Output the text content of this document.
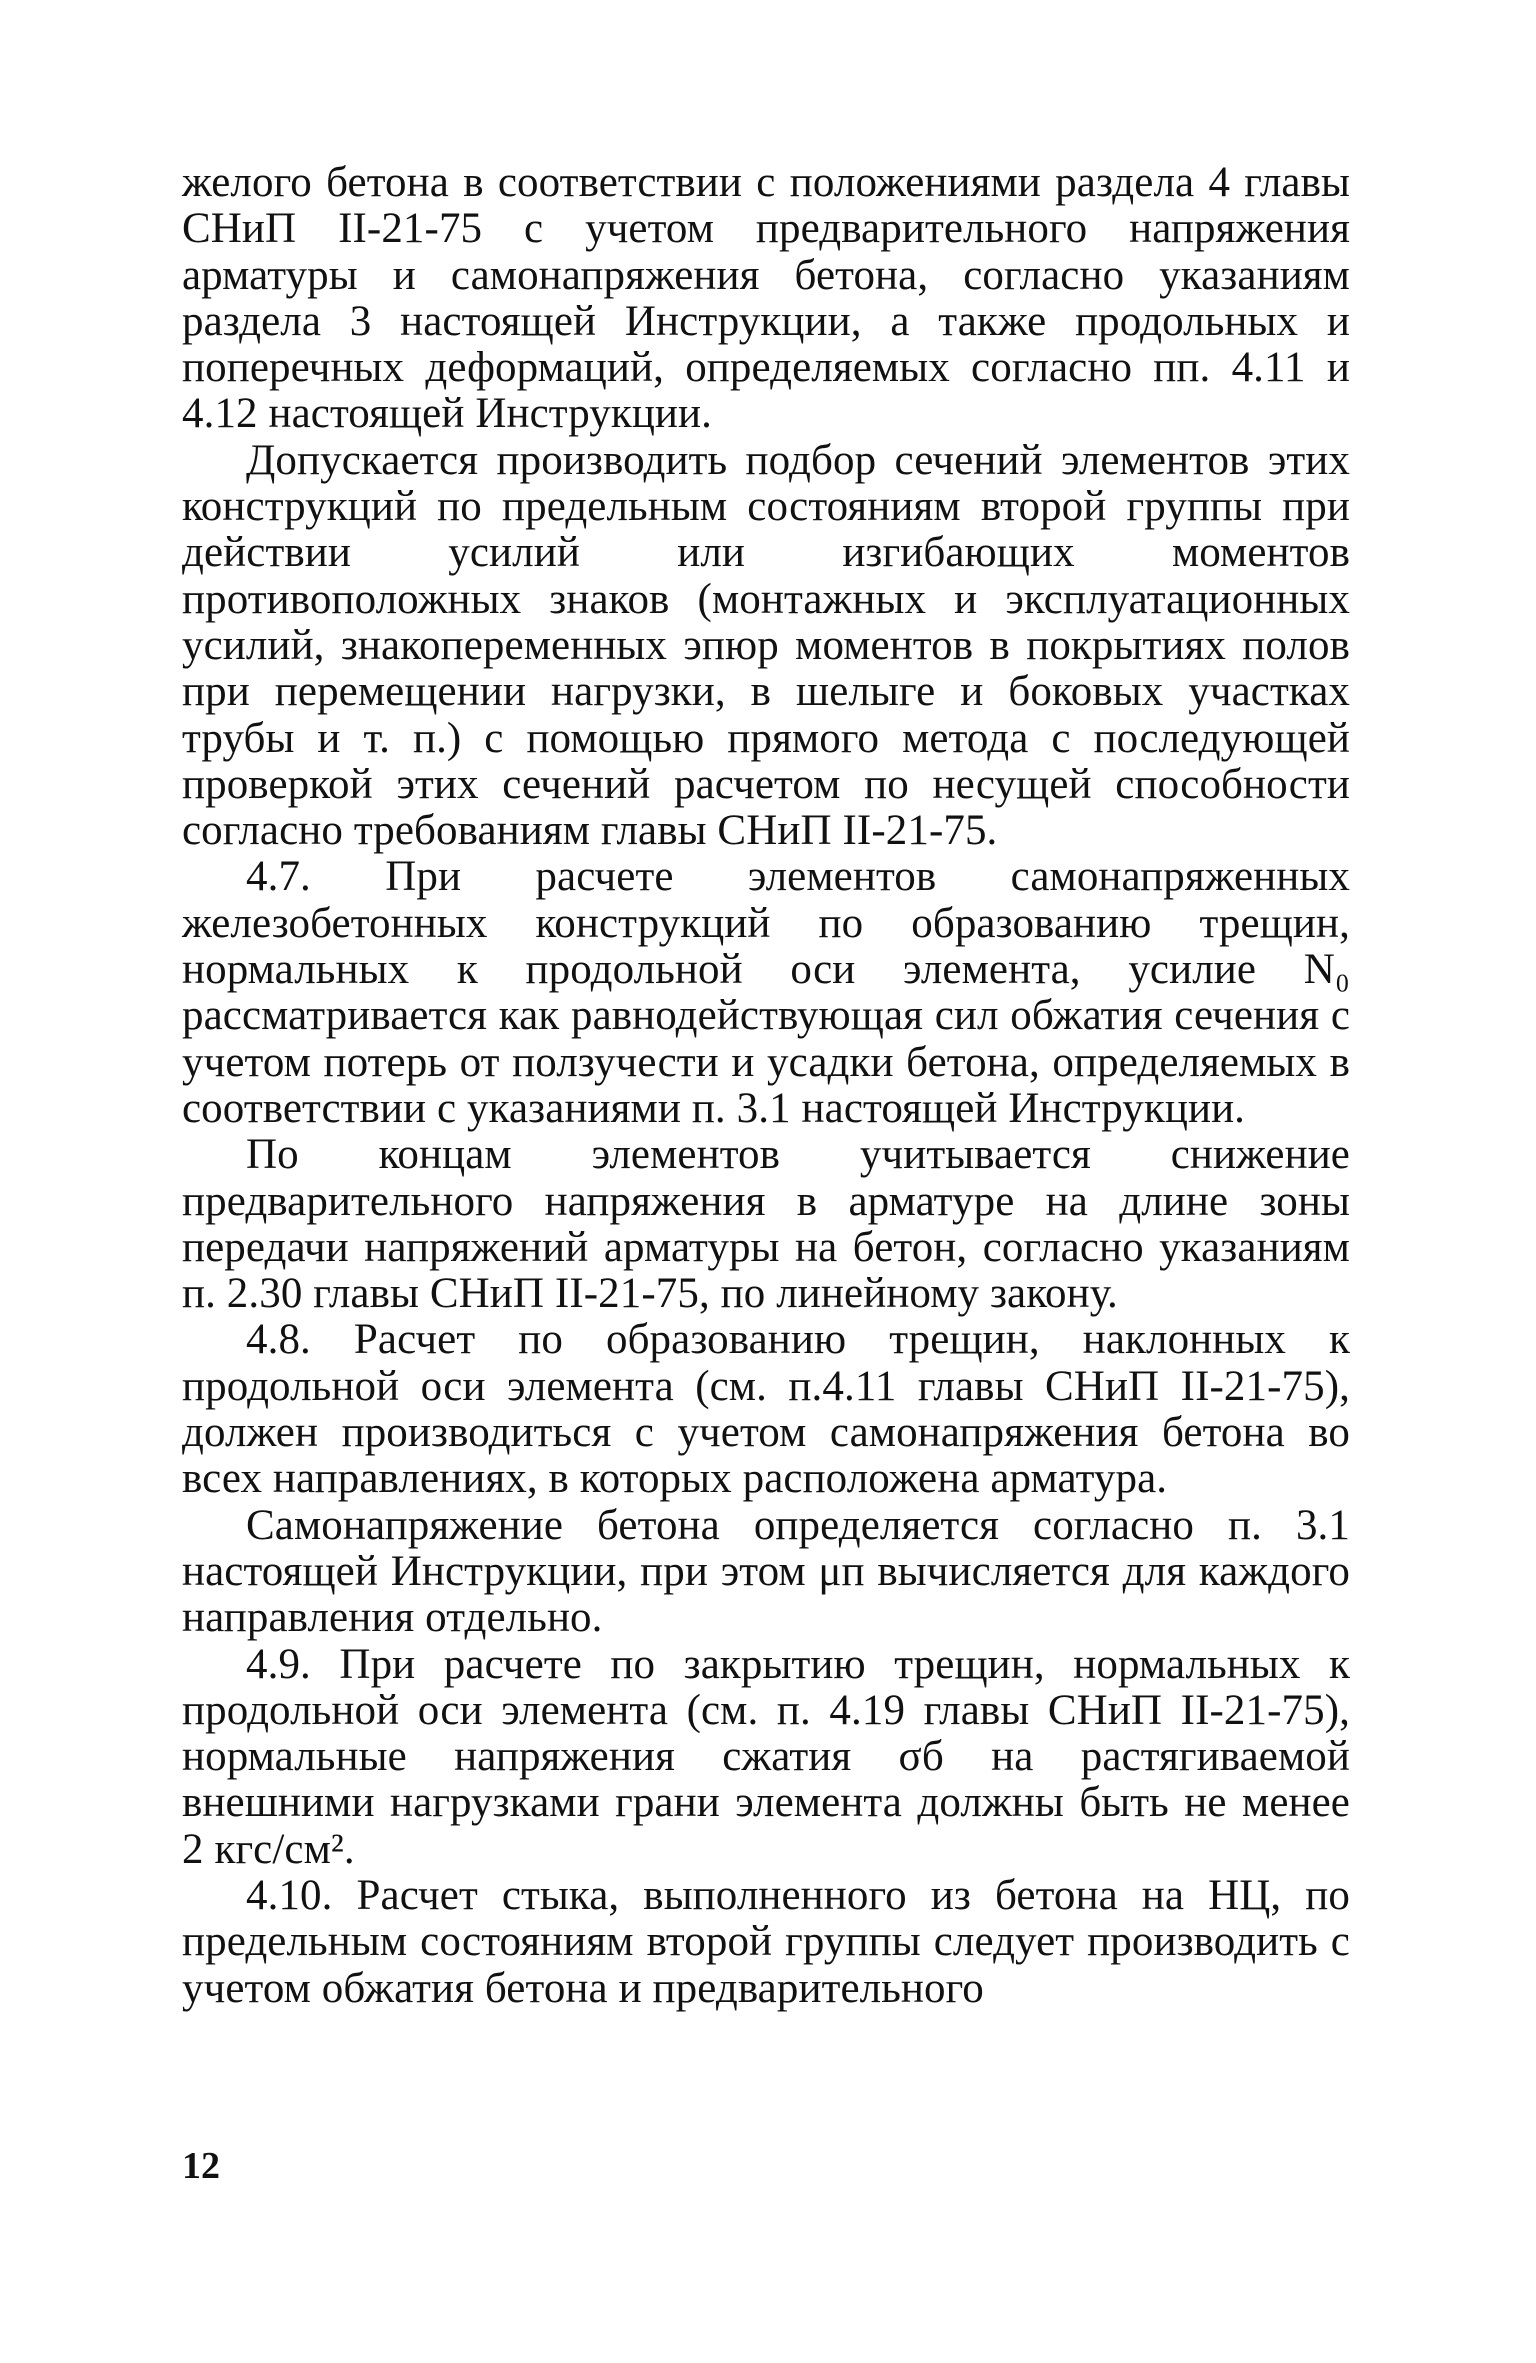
желого бетона в соответствии с положениями раздела 4 главы СНиП II-21-75 с учетом предварительного напряжения арматуры и самонапряжения бетона, согласно указаниям раздела 3 настоящей Инструкции, а также продольных и поперечных деформаций, определяемых согласно пп. 4.11 и 4.12 настоящей Инструкции.

Допускается производить подбор сечений элементов этих конструкций по предельным состояниям второй группы при действии усилий или изгибающих моментов противоположных знаков (монтажных и эксплуатационных усилий, знакопеременных эпюр моментов в покрытиях полов при перемещении нагрузки, в шелыге и боковых участках трубы и т. п.) с помощью прямого метода с последующей проверкой этих сечений расчетом по несущей способности согласно требованиям главы СНиП II-21-75.

4.7. При расчете элементов самонапряженных железобетонных конструкций по образованию трещин, нормальных к продольной оси элемента, усилие N₀ рассматривается как равнодействующая сил обжатия сечения с учетом потерь от ползучести и усадки бетона, определяемых в соответствии с указаниями п. 3.1 настоящей Инструкции.

По концам элементов учитывается снижение предварительного напряжения в арматуре на длине зоны передачи напряжений арматуры на бетон, согласно указаниям п. 2.30 главы СНиП II-21-75, по линейному закону.

4.8. Расчет по образованию трещин, наклонных к продольной оси элемента (см. п.4.11 главы СНиП II-21-75), должен производиться с учетом самонапряжения бетона во всех направлениях, в которых расположена арматура.

Самонапряжение бетона определяется согласно п. 3.1 настоящей Инструкции, при этом μп вычисляется для каждого направления отдельно.

4.9. При расчете по закрытию трещин, нормальных к продольной оси элемента (см. п. 4.19 главы СНиП II-21-75), нормальные напряжения сжатия σб на растягиваемой внешними нагрузками грани элемента должны быть не менее 2 кгс/см².

4.10. Расчет стыка, выполненного из бетона на НЦ, по предельным состояниям второй группы следует производить с учетом обжатия бетона и предварительного

12
